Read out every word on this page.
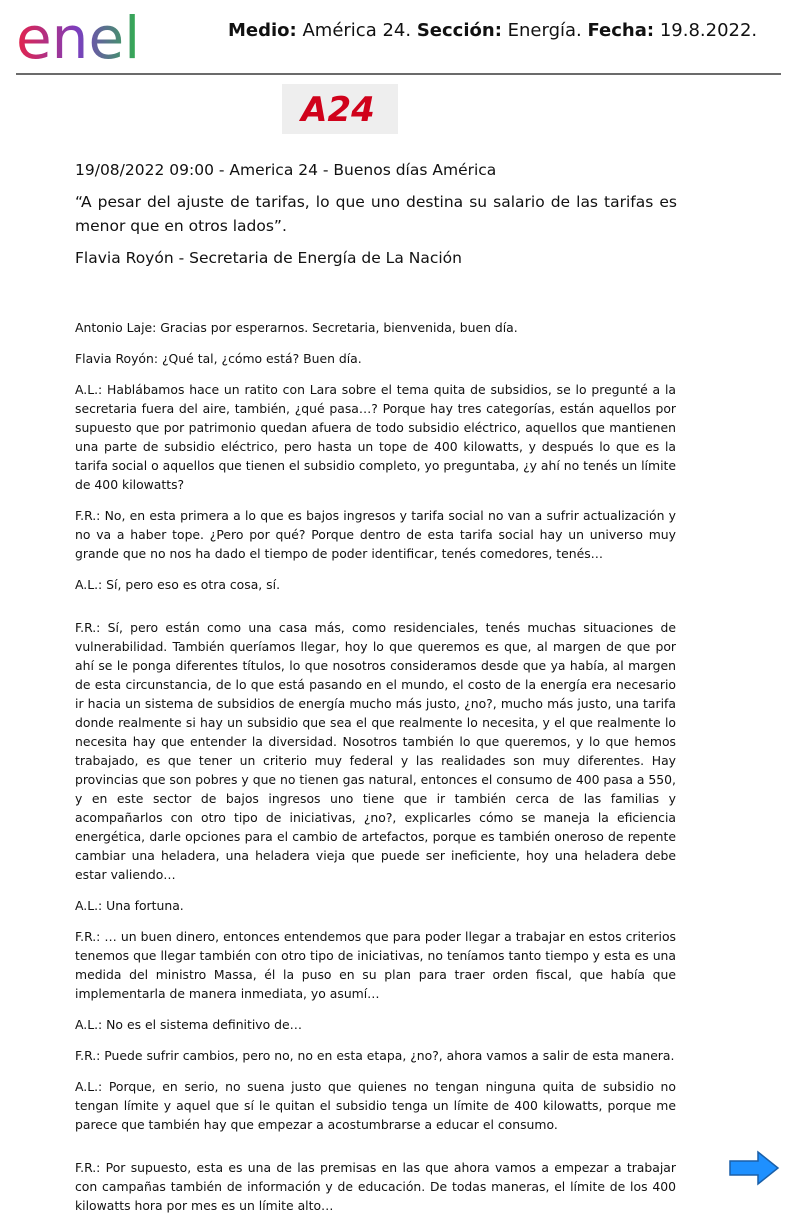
enel	Medio: América 24. Sección: Energía. Fecha: 19.8.2022.
A24

19/08/2022 09:00 - America 24 - Buenos días América

“A pesar del ajuste de tarifas, lo que uno destina su salario de las tarifas es menor que en otros lados”.

Flavia Royón - Secretaria de Energía de La Nación

Antonio Laje: Gracias por esperarnos. Secretaria, bienvenida, buen día.

Flavia Royón: ¿Qué tal, ¿cómo está? Buen día.

A.L.: Hablábamos hace un ratito con Lara sobre el tema quita de subsidios, se lo pregunté a la secretaria fuera del aire, también, ¿qué pasa…? Porque hay tres categorías, están aquellos por supuesto que por patrimonio quedan afuera de todo subsidio eléctrico, aquellos que mantienen una parte de subsidio eléctrico, pero hasta un tope de 400 kilowatts, y después lo que es la tarifa social o aquellos que tienen el subsidio completo, yo preguntaba, ¿y ahí no tenés un límite de 400 kilowatts?

F.R.: No, en esta primera a lo que es bajos ingresos y tarifa social no van a sufrir actualización y no va a haber tope. ¿Pero por qué? Porque dentro de esta tarifa social hay un universo muy grande que no nos ha dado el tiempo de poder identificar, tenés comedores, tenés…

A.L.: Sí, pero eso es otra cosa, sí.

F.R.: Sí, pero están como una casa más, como residenciales, tenés muchas situaciones de vulnerabilidad. También queríamos llegar, hoy lo que queremos es que, al margen de que por ahí se le ponga diferentes títulos, lo que nosotros consideramos desde que ya había, al margen de esta circunstancia, de lo que está pasando en el mundo, el costo de la energía era necesario ir hacia un sistema de subsidios de energía mucho más justo, ¿no?, mucho más justo, una tarifa donde realmente si hay un subsidio que sea el que realmente lo necesita, y el que realmente lo necesita hay que entender la diversidad. Nosotros también lo que queremos, y lo que hemos trabajado, es que tener un criterio muy federal y las realidades son muy diferentes. Hay provincias que son pobres y que no tienen gas natural, entonces el consumo de 400 pasa a 550, y en este sector de bajos ingresos uno tiene que ir también cerca de las familias y acompañarlos con otro tipo de iniciativas, ¿no?, explicarles cómo se maneja la eficiencia energética, darle opciones para el cambio de artefactos, porque es también oneroso de repente cambiar una heladera, una heladera vieja que puede ser ineficiente, hoy una heladera debe estar valiendo…

A.L.: Una fortuna.

F.R.: … un buen dinero, entonces entendemos que para poder llegar a trabajar en estos criterios tenemos que llegar también con otro tipo de iniciativas, no teníamos tanto tiempo y esta es una medida del ministro Massa, él la puso en su plan para traer orden fiscal, que había que implementarla de manera inmediata, yo asumí…

A.L.: No es el sistema definitivo de…

F.R.: Puede sufrir cambios, pero no, no en esta etapa, ¿no?, ahora vamos a salir de esta manera.

A.L.: Porque, en serio, no suena justo que quienes no tengan ninguna quita de subsidio no tengan límite y aquel que sí le quitan el subsidio tenga un límite de 400 kilowatts, porque me parece que también hay que empezar a acostumbrarse a educar el consumo.

F.R.: Por supuesto, esta es una de las premisas en las que ahora vamos a empezar a trabajar con campañas también de información y de educación. De todas maneras, el límite de los 400 kilowatts hora por mes es un límite alto…
